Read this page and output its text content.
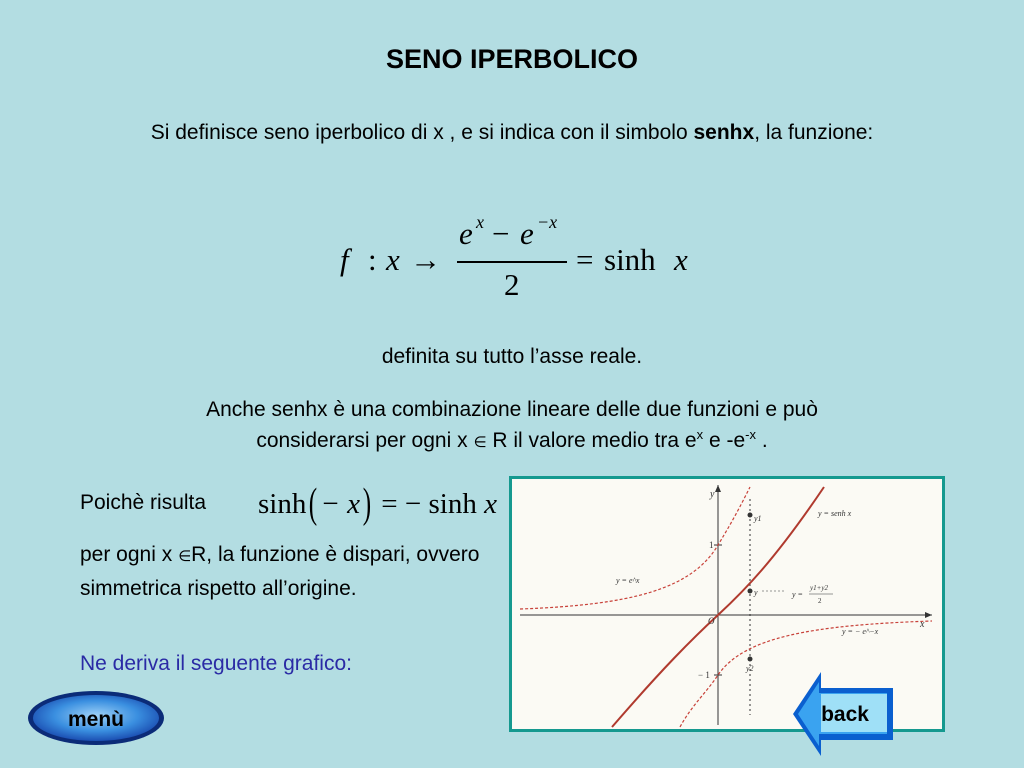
SENO IPERBOLICO
Si definisce seno iperbolico di x , e si indica con il simbolo senhx, la funzione:
f : x →
e x − e −x
2
= sinh x
definita su tutto l’asse reale.
Anche senhx è una combinazione lineare delle due funzioni e può
considerarsi per ogni x ∈ R il valore medio tra $e^x$ e $-e^{-x}$ .
Poichè risulta sinh(− x) = − sinh x
per ogni x ∈R, la funzione è dispari, ovvero simmetrica rispetto all’origine.
Ne deriva il seguente grafico:
y
x
O
1
− 1
y = senh x
y = e^x
y = − e^−x
y =
y1+y2
2
y1
y
y2
menù	back
